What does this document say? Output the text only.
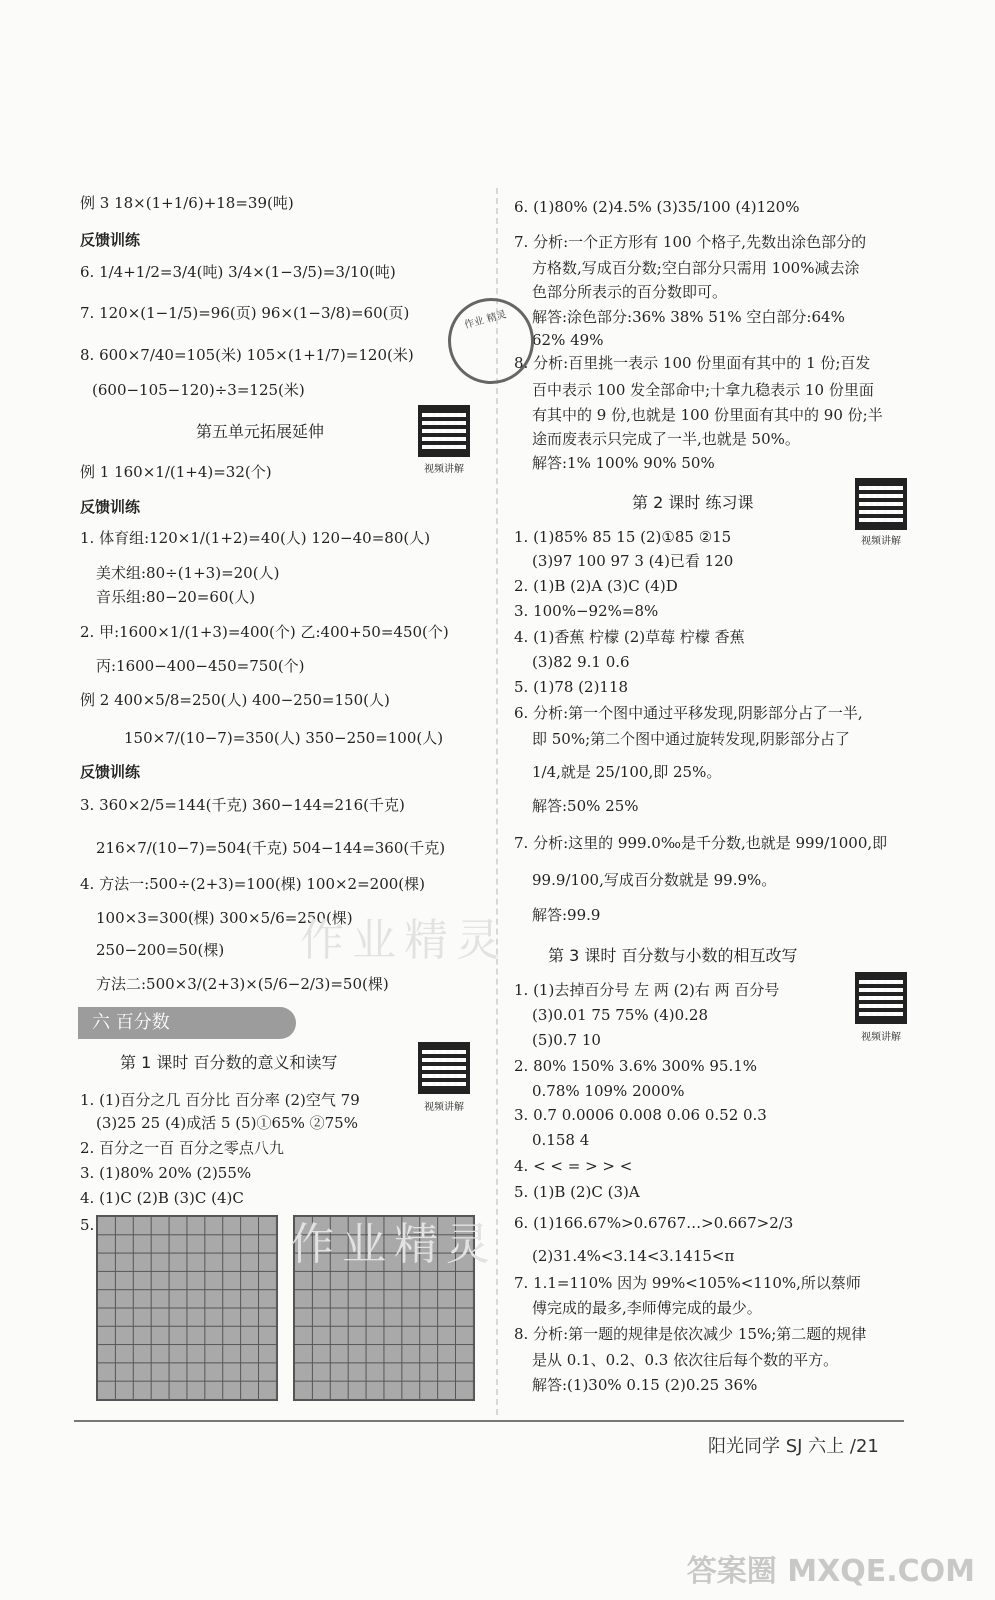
例 3 18×(1+1/6)+18=39(吨)
反馈训练
6. 1/4+1/2=3/4(吨) 3/4×(1−3/5)=3/10(吨)
7. 120×(1−1/5)=96(页) 96×(1−3/8)=60(页)
8. 600×7/40=105(米) 105×(1+1/7)=120(米)
(600−105−120)÷3=125(米)
第五单元拓展延伸
视频讲解
例 1 160×1/(1+4)=32(个)
反馈训练
1. 体育组:120×1/(1+2)=40(人) 120−40=80(人)
美术组:80÷(1+3)=20(人)
音乐组:80−20=60(人)
2. 甲:1600×1/(1+3)=400(个) 乙:400+50=450(个)
丙:1600−400−450=750(个)
例 2 400×5/8=250(人) 400−250=150(人)
150×7/(10−7)=350(人) 350−250=100(人)
反馈训练
3. 360×2/5=144(千克) 360−144=216(千克)
216×7/(10−7)=504(千克) 504−144=360(千克)
4. 方法一:500÷(2+3)=100(棵) 100×2=200(棵)
100×3=300(棵) 300×5/6=250(棵)
250−200=50(棵)
方法二:500×3/(2+3)×(5/6−2/3)=50(棵)
六 百分数
第 1 课时 百分数的意义和读写
视频讲解
1. (1)百分之几 百分比 百分率 (2)空气 79
(3)25 25 (4)成活 5 (5)①65% ②75%
2. 百分之一百 百分之零点八九
3. (1)80% 20% (2)55%
4. (1)C (2)B (3)C (4)C
5.
6. (1)80% (2)4.5% (3)35/100 (4)120%
7. 分析:一个正方形有 100 个格子,先数出涂色部分的
方格数,写成百分数;空白部分只需用 100%减去涂
色部分所表示的百分数即可。
解答:涂色部分:36% 38% 51% 空白部分:64%
62% 49%
8. 分析:百里挑一表示 100 份里面有其中的 1 份;百发
百中表示 100 发全部命中;十拿九稳表示 10 份里面
有其中的 9 份,也就是 100 份里面有其中的 90 份;半
途而废表示只完成了一半,也就是 50%。
解答:1% 100% 90% 50%
第 2 课时 练习课
视频讲解
1. (1)85% 85 15 (2)①85 ②15
(3)97 100 97 3 (4)已看 120
2. (1)B (2)A (3)C (4)D
3. 100%−92%=8%
4. (1)香蕉 柠檬 (2)草莓 柠檬 香蕉
(3)82 9.1 0.6
5. (1)78 (2)118
6. 分析:第一个图中通过平移发现,阴影部分占了一半,
即 50%;第二个图中通过旋转发现,阴影部分占了
1/4,就是 25/100,即 25%。
解答:50% 25%
7. 分析:这里的 999.0‰是千分数,也就是 999/1000,即
99.9/100,写成百分数就是 99.9%。
解答:99.9
第 3 课时 百分数与小数的相互改写
视频讲解
1. (1)去掉百分号 左 两 (2)右 两 百分号
(3)0.01 75 75% (4)0.28
(5)0.7 10
2. 80% 150% 3.6% 300% 95.1%
0.78% 109% 2000%
3. 0.7 0.0006 0.008 0.06 0.52 0.3
0.158 4
4. < < = > > <
5. (1)B (2)C (3)A
6. (1)166.67%>0.6767…>0.667>2/3
(2)31.4%<3.14<3.1415<π
7. 1.1=110% 因为 99%<105%<110%,所以蔡师
傅完成的最多,李师傅完成的最少。
8. 分析:第一题的规律是依次减少 15%;第二题的规律
是从 0.1、0.2、0.3 依次往后每个数的平方。
解答:(1)30% 0.15 (2)0.25 36%
作业 精灵
作业精灵
作业精灵
阳光同学 SJ 六上 /21
答案圈 MXQE.COM
